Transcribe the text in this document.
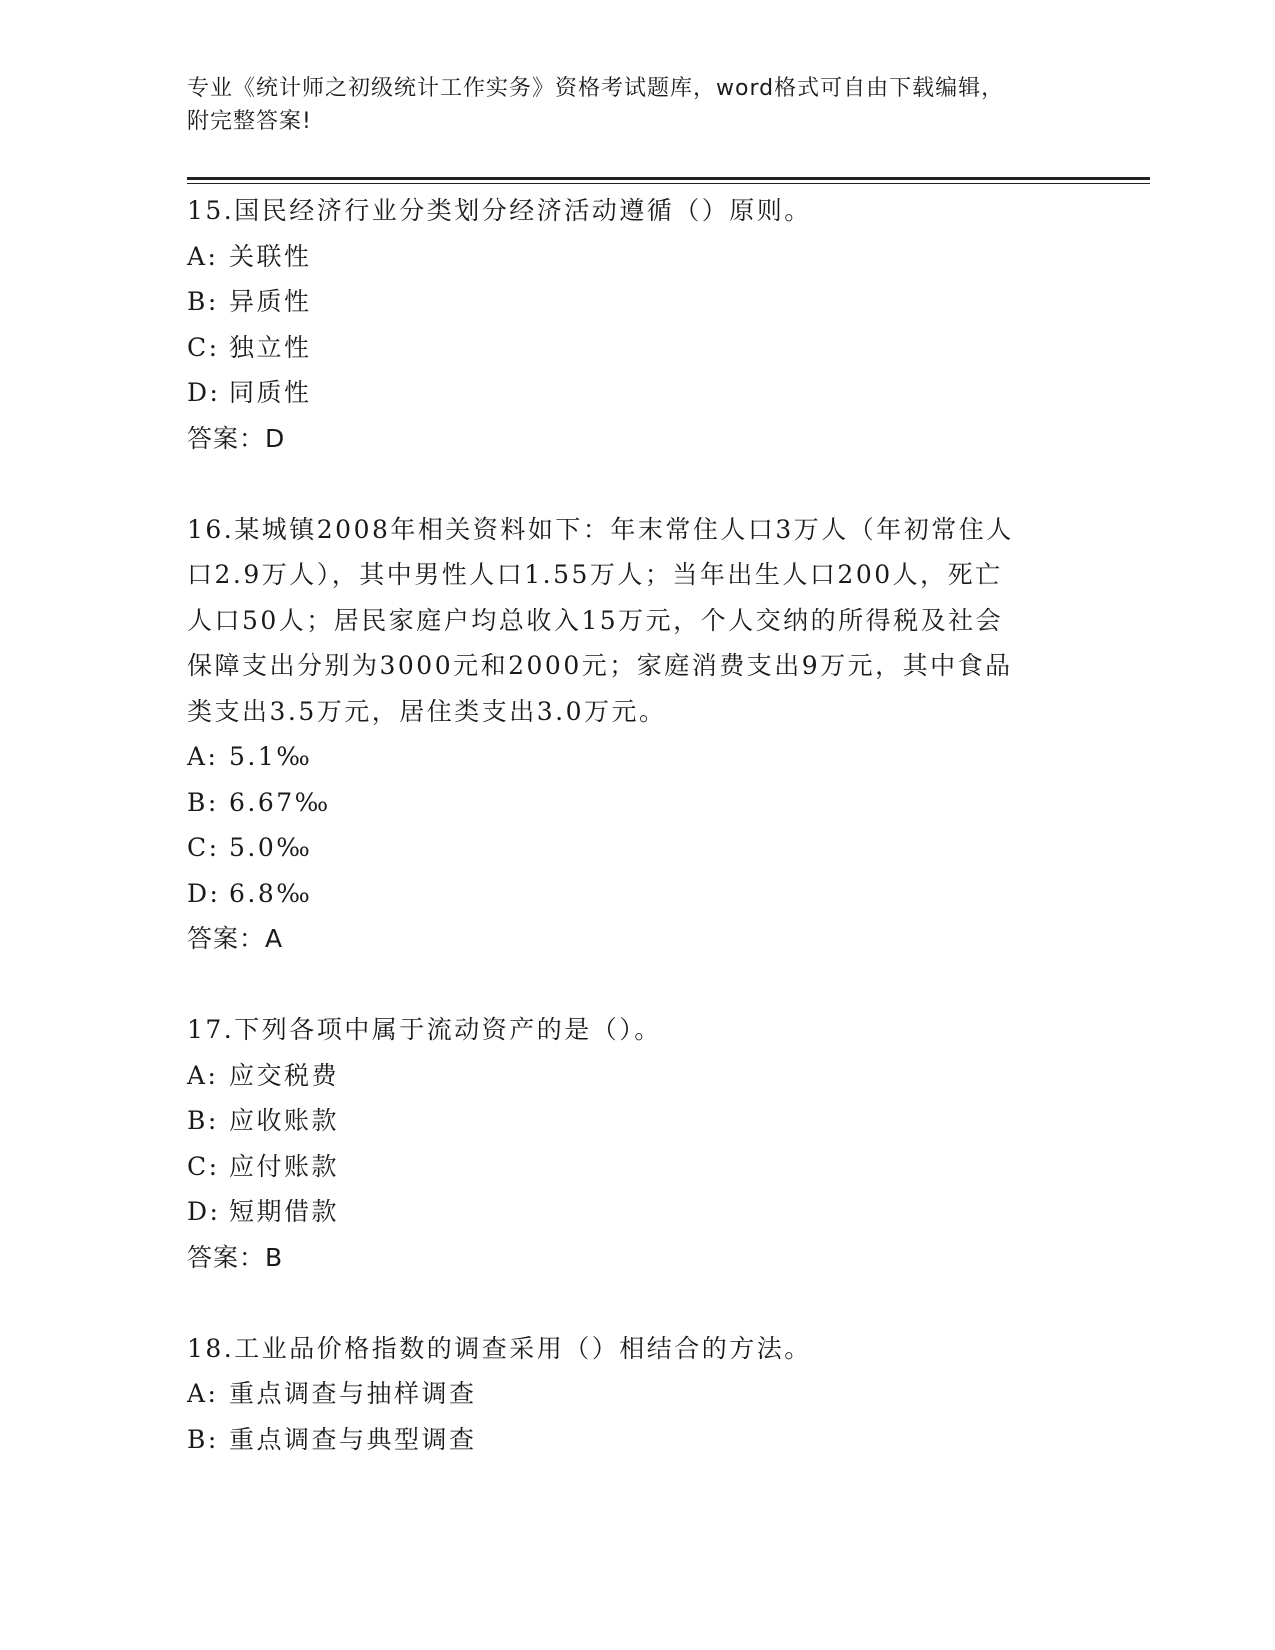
专业《统计师之初级统计工作实务》资格考试题库，word格式可自由下载编辑，
附完整答案!
15.国民经济行业分类划分经济活动遵循（）原则。
A: 关联性
B: 异质性
C: 独立性
D: 同质性
答案：D
16.某城镇2008年相关资料如下：年末常住人口3万人（年初常住人
口2.9万人），其中男性人口1.55万人；当年出生人口200人，死亡
人口50人；居民家庭户均总收入15万元，个人交纳的所得税及社会
保障支出分别为3000元和2000元；家庭消费支出9万元，其中食品
类支出3.5万元，居住类支出3.0万元。
A: 5.1‰
B: 6.67‰
C: 5.0‰
D: 6.8‰
答案：A
17.下列各项中属于流动资产的是（）。
A: 应交税费
B: 应收账款
C: 应付账款
D: 短期借款
答案：B
18.工业品价格指数的调查采用（）相结合的方法。
A: 重点调查与抽样调查
B: 重点调查与典型调查
